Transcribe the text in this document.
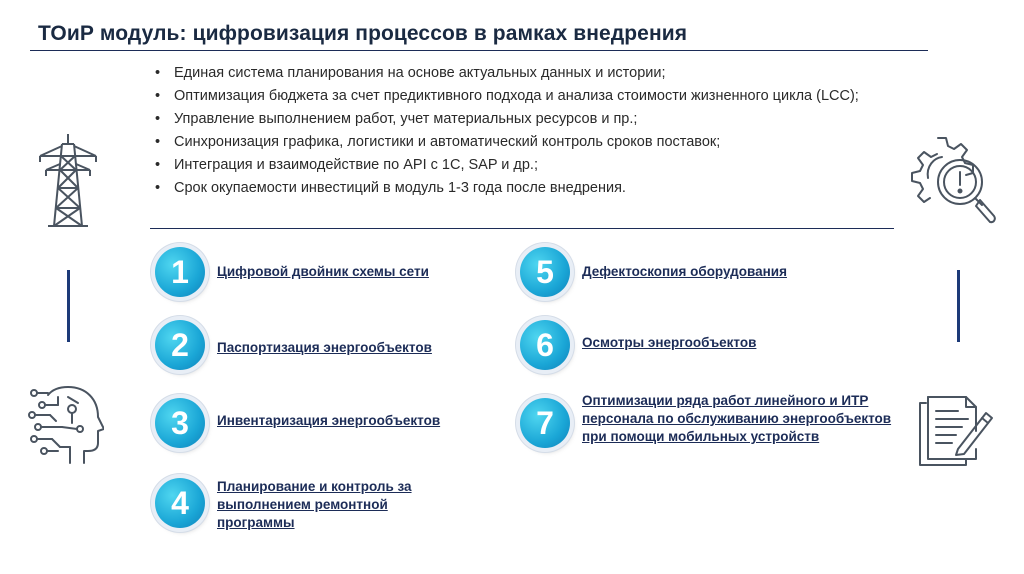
ТОиР модуль: цифровизация процессов в рамках внедрения
• Единая система планирования на основе актуальных данных и истории;
• Оптимизация бюджета за счет предиктивного подхода и анализа стоимости жизненного цикла (LCC);
• Управление выполнением работ, учет материальных ресурсов и пр.;
• Синхронизация графика, логистики и автоматический контроль сроков поставок;
• Интеграция и взаимодействие по API с 1С, SAP и др.;
• Срок окупаемости инвестиций в модуль 1-3 года после внедрения.
1	Цифровой двойник схемы сети
2	Паспортизация энергообъектов
3	Инвентаризация энергообъектов
4	Планирование и контроль за выполнением ремонтной программы
5	Дефектоскопия оборудования
6	Осмотры энергообъектов
7
Оптимизации ряда работ линейного и ИТР персонала по обслуживанию энергообъектов при помощи мобильных устройств
